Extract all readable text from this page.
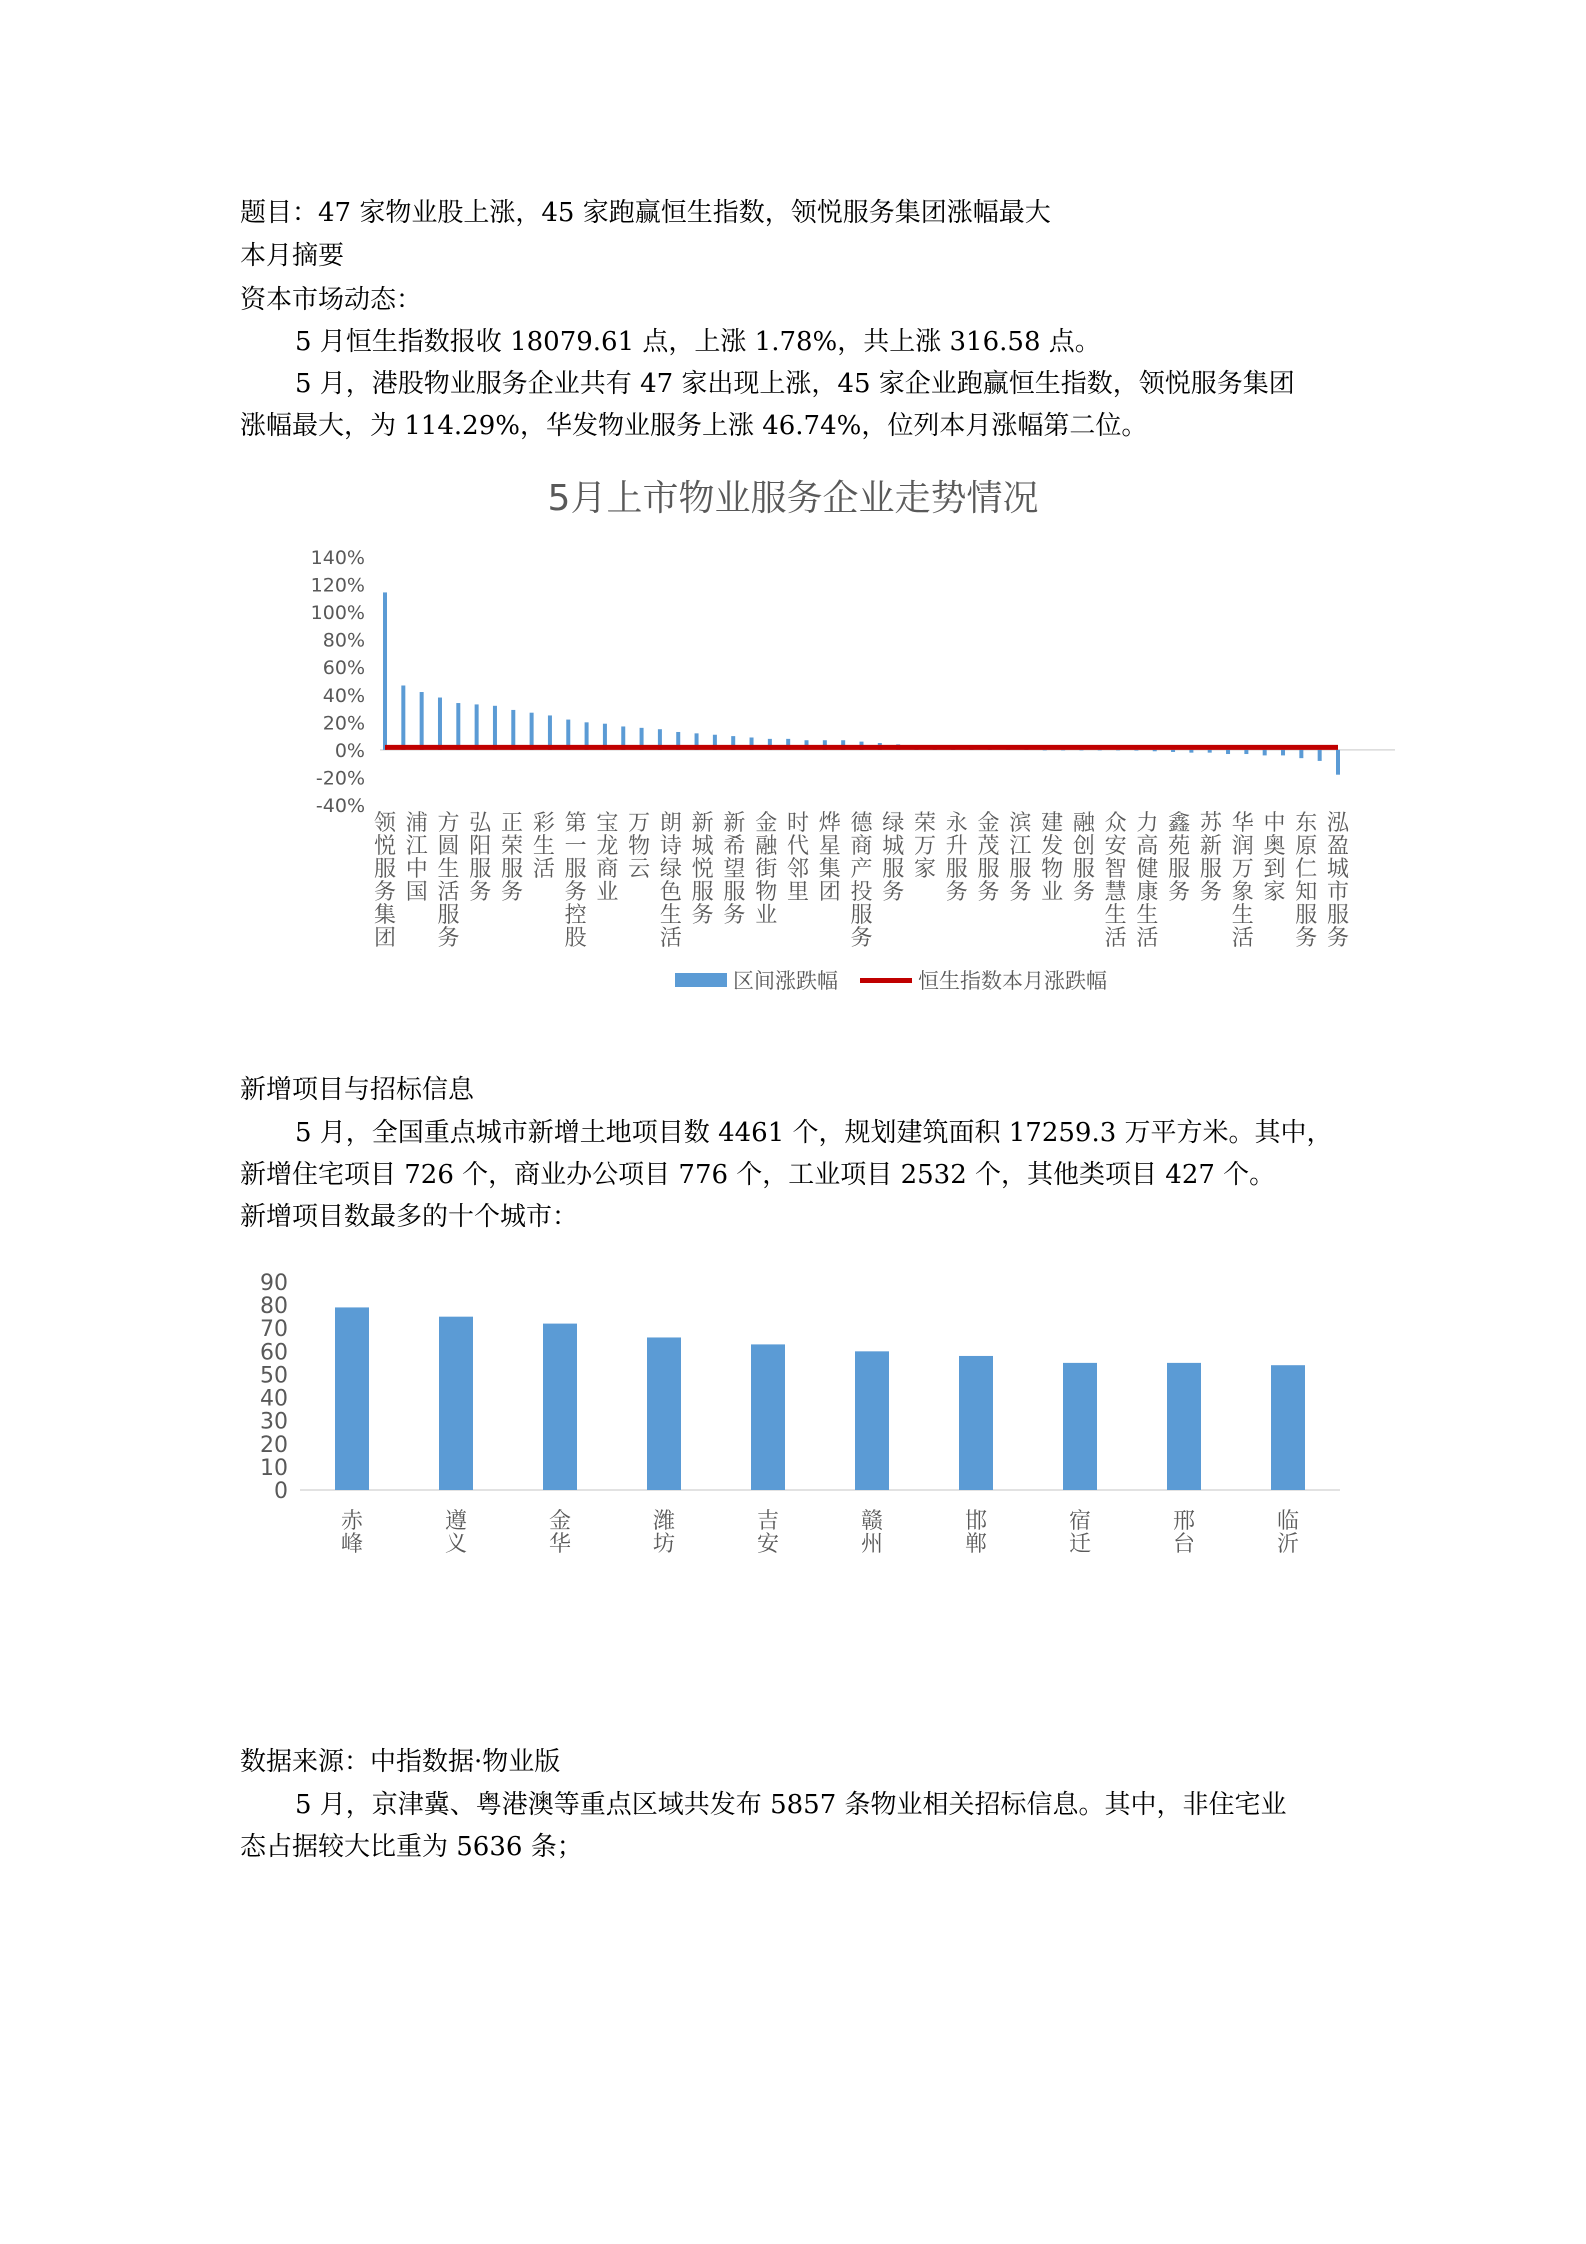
题目：47 家物业股上涨，45 家跑赢恒生指数，领悦服务集团涨幅最大
本月摘要
资本市场动态：
5 月恒生指数报收 18079.61 点，上涨 1.78%，共上涨 316.58 点。
5 月，港股物业服务企业共有 47 家出现上涨，45 家企业跑赢恒生指数，领悦服务集团
涨幅最大，为 114.29%，华发物业服务上涨 46.74%，位列本月涨幅第二位。
5月上市物业服务企业走势情况
140%
120%
100%
80%
60%
40%
20%
0%
-20%
-40%
领悦服务集团
浦江中国
方圆生活服务
弘阳服务
正荣服务
彩生活
第一服务控股
宝龙商业
万物云
朗诗绿色生活
新城悦服务
新希望服务
金融街物业
时代邻里
烨星集团
德商产投服务
绿城服务
荣万家
永升服务
金茂服务
滨江服务
建发物业
融创服务
众安智慧生活
力高健康生活
鑫苑服务
苏新服务
华润万象生活
中奥到家
东原仁知服务
泓盈城市服务
区间涨跌幅	恒生指数本月涨跌幅
新增项目与招标信息
5 月，全国重点城市新增土地项目数 4461 个，规划建筑面积 17259.3 万平方米。其中，
新增住宅项目 726 个，商业办公项目 776 个，工业项目 2532 个，其他类项目 427 个。
新增项目数最多的十个城市：
0
10
20
30
40
50
60
70
80
90
赤峰
遵义
金华
潍坊
吉安
赣州
邯郸
宿迁
邢台
临沂
数据来源：中指数据·物业版
5 月，京津冀、粤港澳等重点区域共发布 5857 条物业相关招标信息。其中，非住宅业
态占据较大比重为 5636 条；
